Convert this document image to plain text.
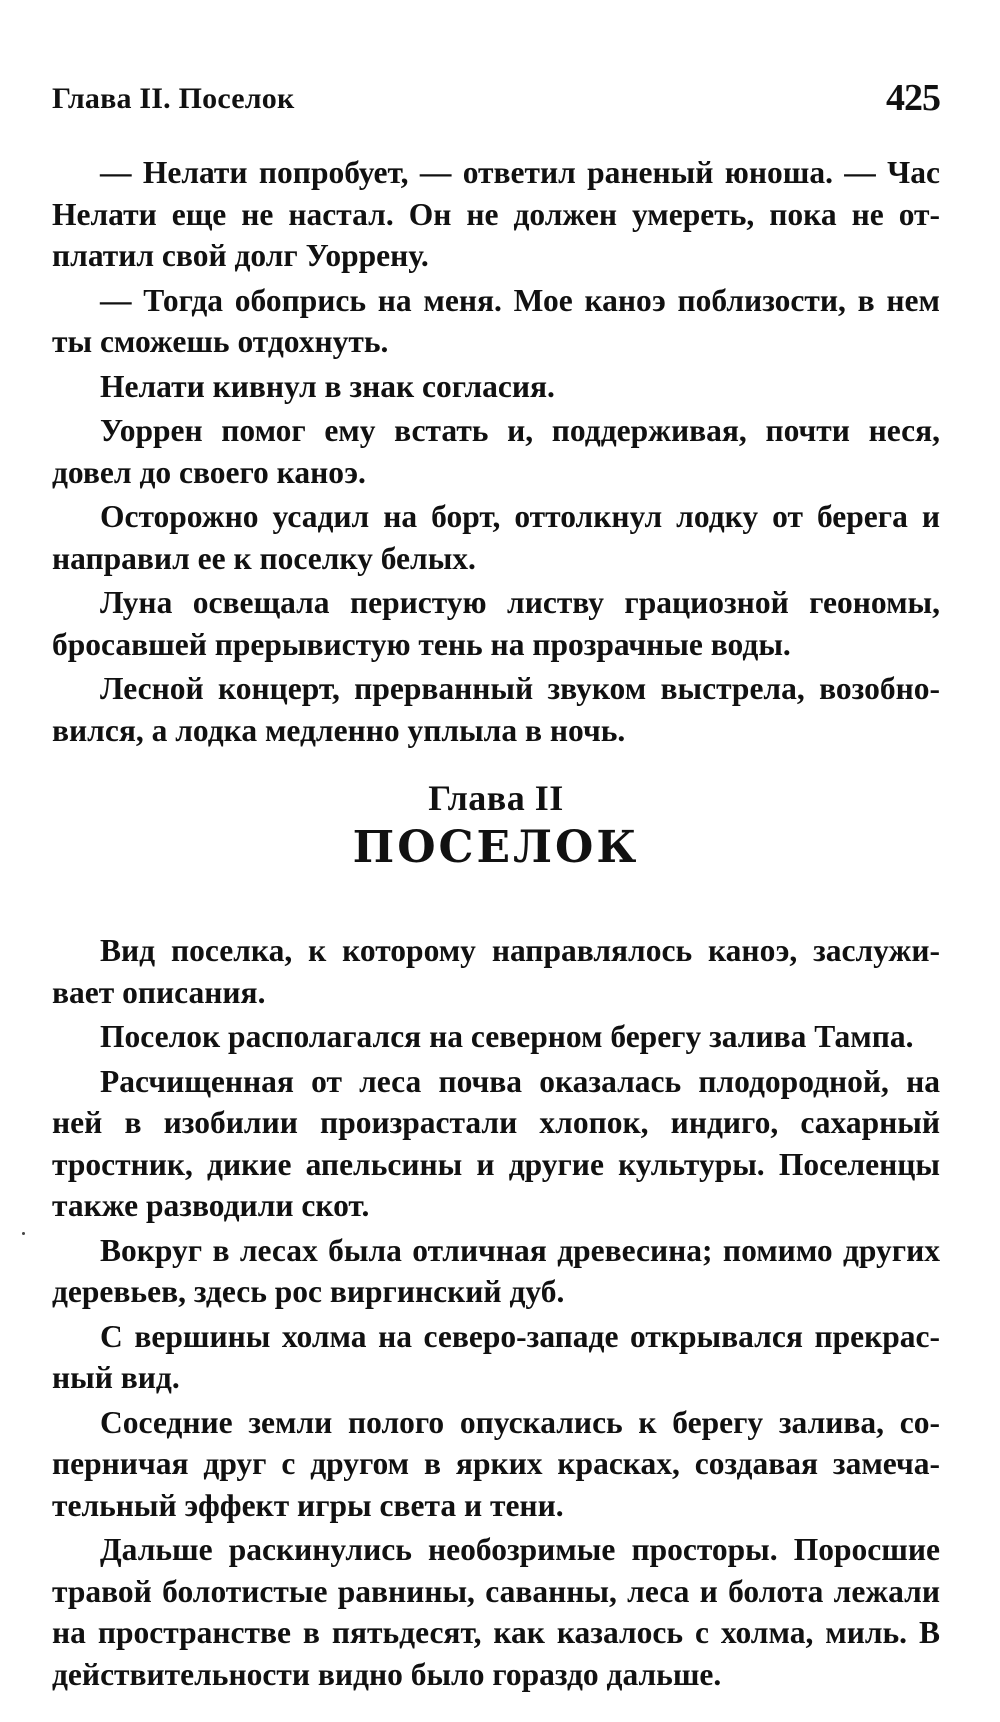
Глава II. Поселок	425

— Нелати попробует, — ответил раненый юноша. — Час Нелати еще не настал. Он не должен умереть, пока не отплатил свой долг Уоррену.

— Тогда обопрись на меня. Мое каноэ поблизости, в нем ты сможешь отдохнуть.

Нелати кивнул в знак согласия.

Уоррен помог ему встать и, поддерживая, почти неся, довел до своего каноэ.

Осторожно усадил на борт, оттолкнул лодку от берега и направил ее к поселку белых.

Луна освещала перистую листву грациозной геономы, бросавшей прерывистую тень на прозрачные воды.

Лесной концерт, прерванный звуком выстрела, возобновился, а лодка медленно уплыла в ночь.

Глава II
ПОСЕЛОК

Вид поселка, к которому направлялось каноэ, заслуживает описания.

Поселок располагался на северном берегу залива Тампа.

Расчищенная от леса почва оказалась плодородной, на ней в изобилии произрастали хлопок, индиго, сахарный тростник, дикие апельсины и другие культуры. Поселенцы также разводили скот.

Вокруг в лесах была отличная древесина; помимо других деревьев, здесь рос виргинский дуб.

С вершины холма на северо-западе открывался прекрасный вид.

Соседние земли полого опускались к берегу залива, соперничая друг с другом в ярких красках, создавая замечательный эффект игры света и тени.

Дальше раскинулись необозримые просторы. Поросшие травой болотистые равнины, саванны, леса и болота лежали на пространстве в пятьдесят, как казалось с холма, миль. В действительности видно было гораздо дальше.
